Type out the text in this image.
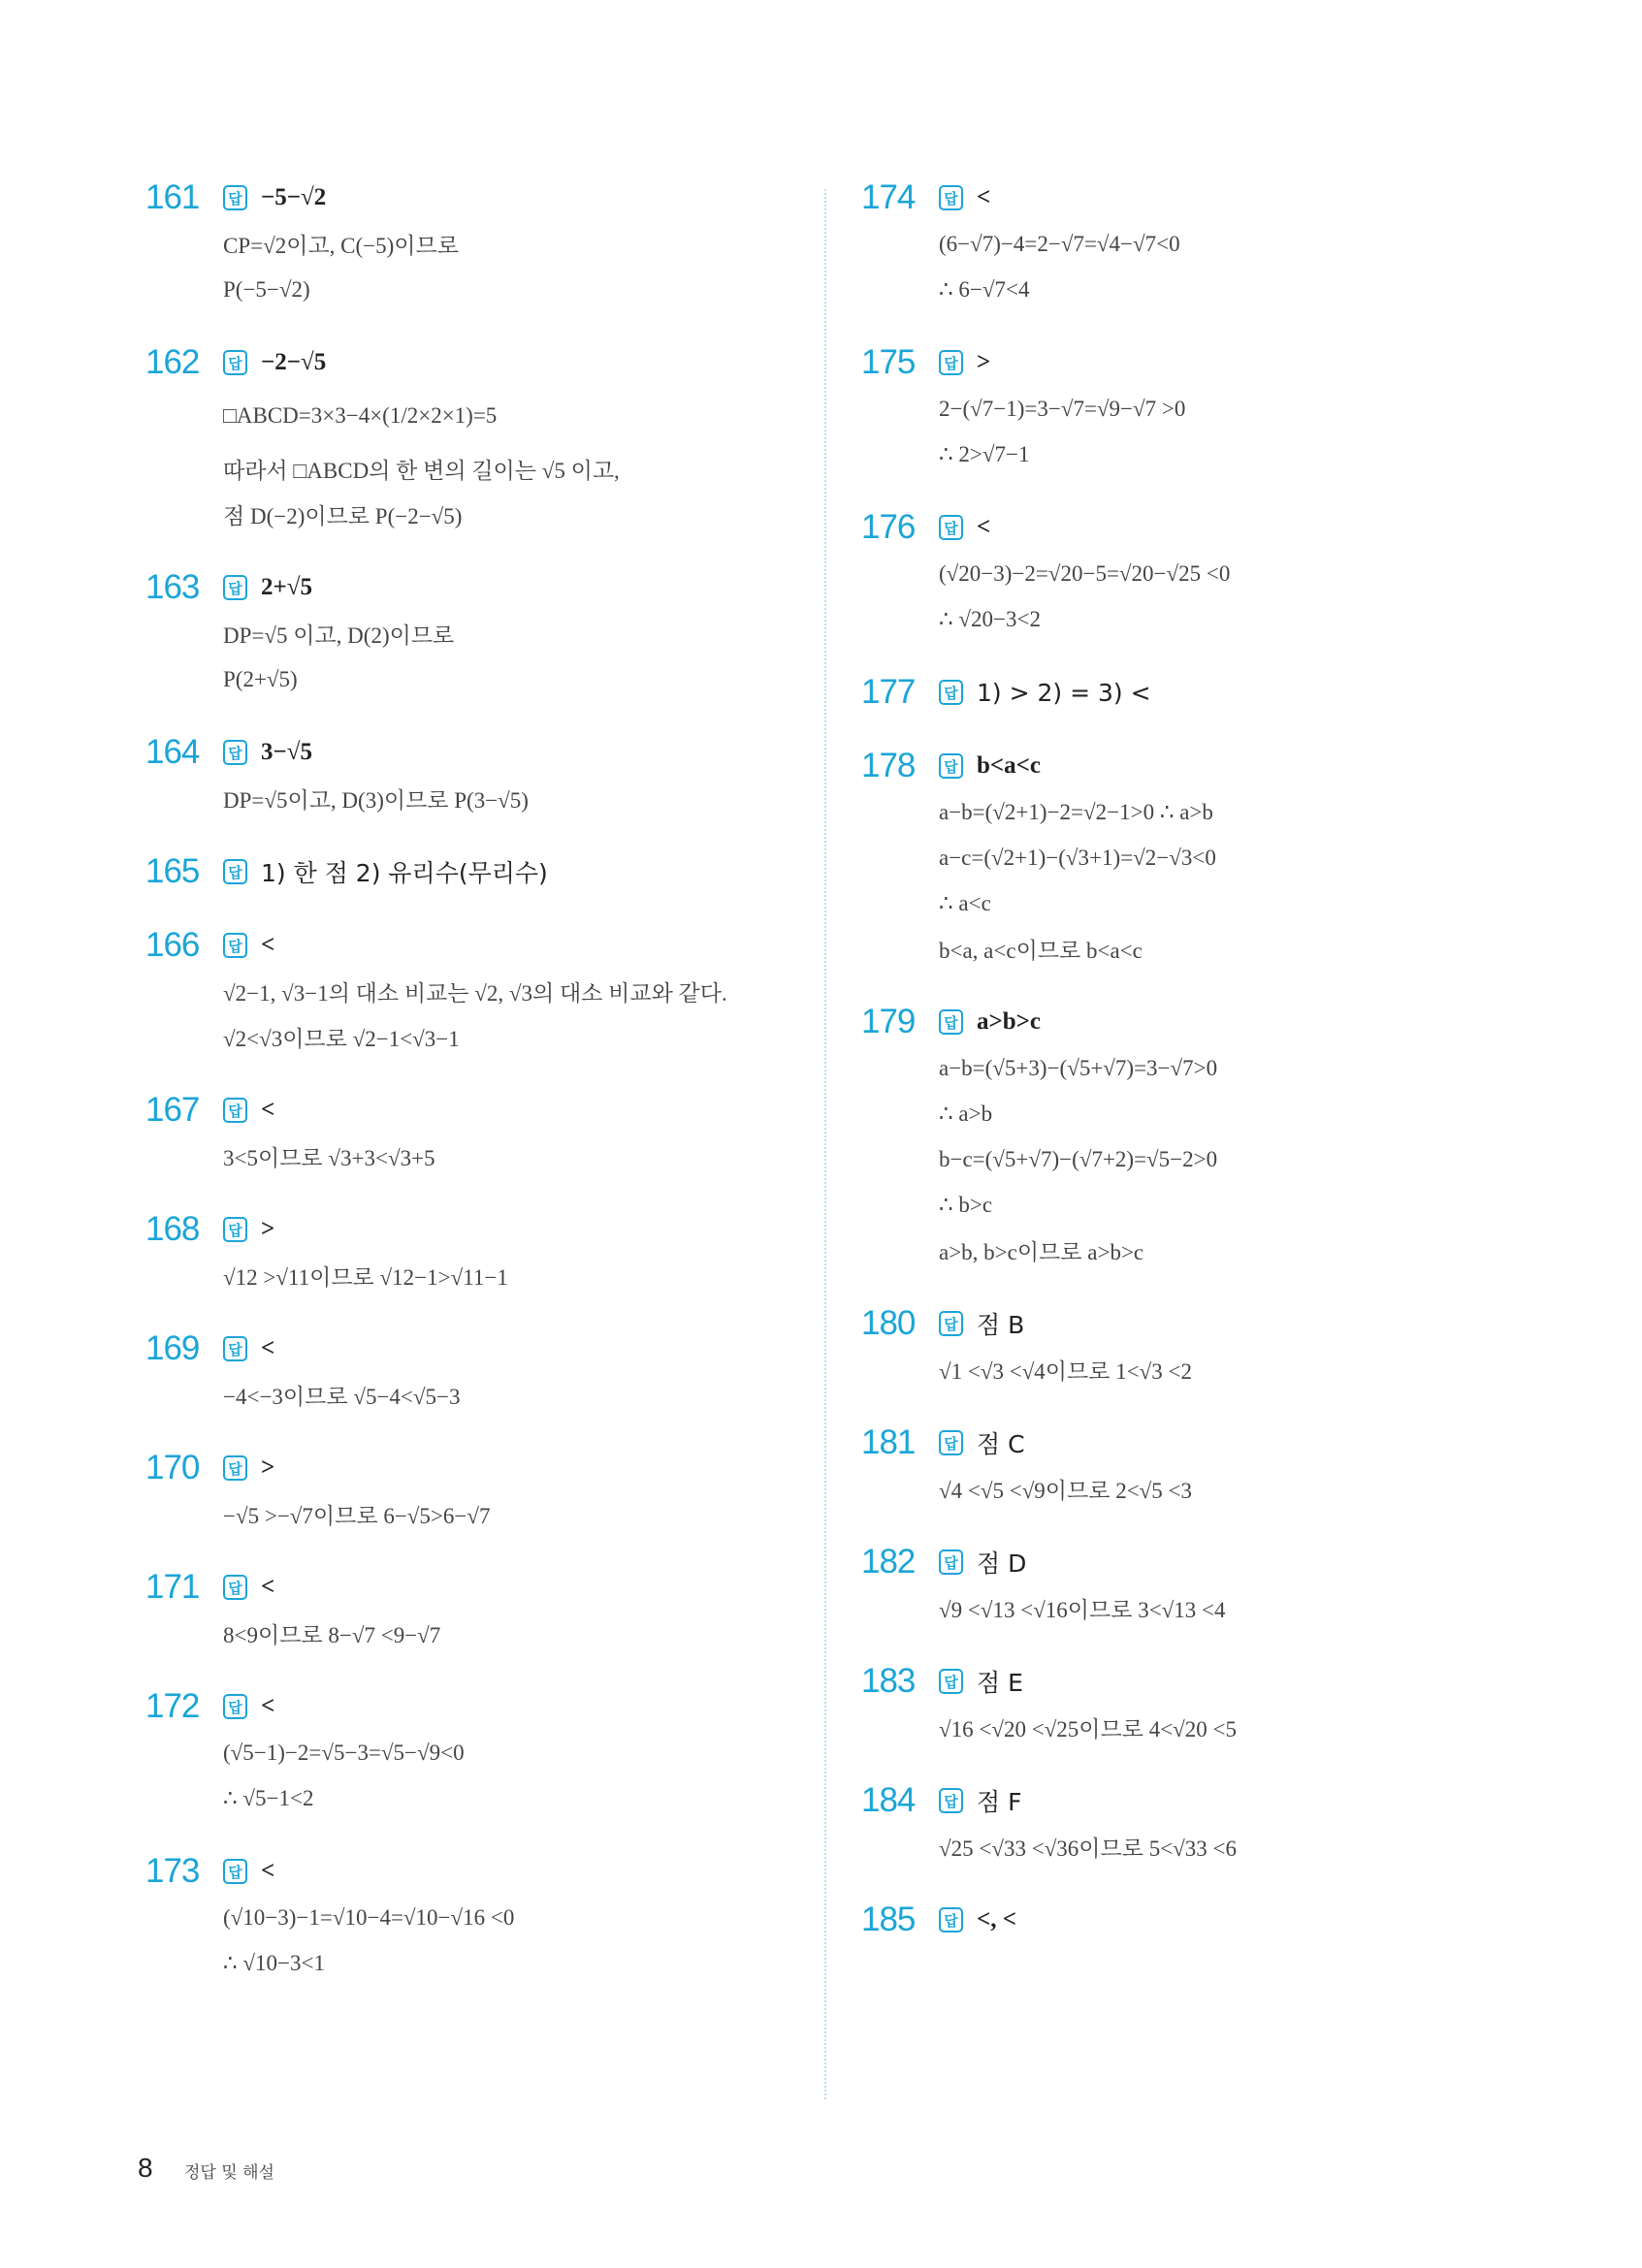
161	답 −5−√2
CP=√2이고, C(−5)이므로
P(−5−√2)
162	답 −2−√5
□ABCD=3×3−4×(1/2×2×1)=5
따라서 □ABCD의 한 변의 길이는 √5 이고,
점 D(−2)이므로 P(−2−√5)
163	답 2+√5
DP=√5 이고, D(2)이므로
P(2+√5)
164	답 3−√5
DP=√5이고, D(3)이므로 P(3−√5)
165	답 1) 한 점 2) 유리수(무리수)
166	답 <
√2−1, √3−1의 대소 비교는 √2, √3의 대소 비교와 같다.
√2<√3이므로 √2−1<√3−1
167	답 <
3<5이므로 √3+3<√3+5
168	답 >
√12 >√11이므로 √12−1>√11−1
169	답 <
−4<−3이므로 √5−4<√5−3
170	답 >
−√5 >−√7이므로 6−√5>6−√7
171	답 <
8<9이므로 8−√7 <9−√7
172	답 <
(√5−1)−2=√5−3=√5−√9<0
∴ √5−1<2
173	답 <
(√10−3)−1=√10−4=√10−√16 <0
∴ √10−3<1
174	답 <
(6−√7)−4=2−√7=√4−√7<0
∴ 6−√7<4
175	답 >
2−(√7−1)=3−√7=√9−√7 >0
∴ 2>√7−1
176	답 <
(√20−3)−2=√20−5=√20−√25 <0
∴ √20−3<2
177	답 1) > 2) = 3) <
178	답 b<a<c
a−b=(√2+1)−2=√2−1>0 ∴ a>b
a−c=(√2+1)−(√3+1)=√2−√3<0
∴ a<c
b<a, a<c이므로 b<a<c
179	답 a>b>c
a−b=(√5+3)−(√5+√7)=3−√7>0
∴ a>b
b−c=(√5+√7)−(√7+2)=√5−2>0
∴ b>c
a>b, b>c이므로 a>b>c
180	답 점 B
√1 <√3 <√4이므로 1<√3 <2
181	답 점 C
√4 <√5 <√9이므로 2<√5 <3
182	답 점 D
√9 <√13 <√16이므로 3<√13 <4
183	답 점 E
√16 <√20 <√25이므로 4<√20 <5
184	답 점 F
√25 <√33 <√36이므로 5<√33 <6
185	답 <, <
8 정답 및 해설
